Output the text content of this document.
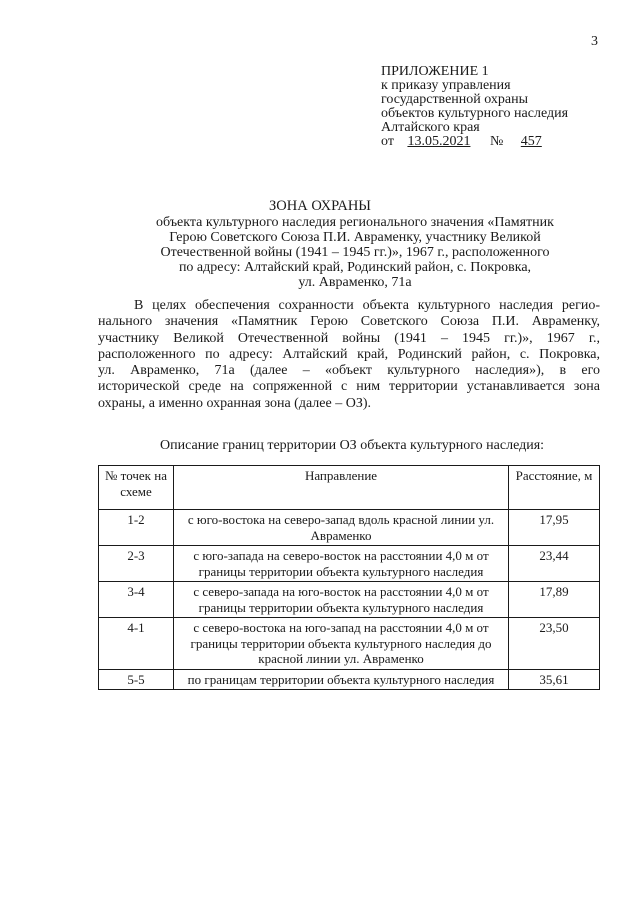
3
ПРИЛОЖЕНИЕ 1
к приказу управления
государственной охраны
объектов культурного наследия
Алтайского края
от 13.05.2021 № 457
ЗОНА ОХРАНЫ
объекта культурного наследия регионального значения «Памятник
Герою Советского Союза П.И. Авраменку, участнику Великой
Отечественной войны (1941 – 1945 гг.)», 1967 г., расположенного
по адресу: Алтайский край, Родинский район, с. Покровка,
ул. Авраменко, 71а
В целях обеспечения сохранности объекта культурного наследия регио-
нального значения «Памятник Герою Советского Союза П.И. Авраменку,
участнику Великой Отечественной войны (1941 – 1945 гг.)», 1967 г.,
расположенного по адресу: Алтайский край, Родинский район, с. Покровка,
ул. Авраменко, 71а (далее – «объект культурного наследия»), в его
исторической среде на сопряженной с ним территории устанавливается зона
охраны, а именно охранная зона (далее – ОЗ).
Описание границ территории ОЗ объекта культурного наследия:
№ точек на схеме	Направление	Расстояние, м
1-2	с юго-востока на северо-запад вдоль красной линии ул. Авраменко	17,95
2-3	с юго-запада на северо-восток на расстоянии 4,0 м от границы территории объекта культурного наследия	23,44
3-4	с северо-запада на юго-восток на расстоянии 4,0 м от границы территории объекта культурного наследия	17,89
4-1	с северо-востока на юго-запад на расстоянии 4,0 м от границы территории объекта культурного наследия до красной линии ул. Авраменко	23,50
5-5	по границам территории объекта культурного наследия	35,61
